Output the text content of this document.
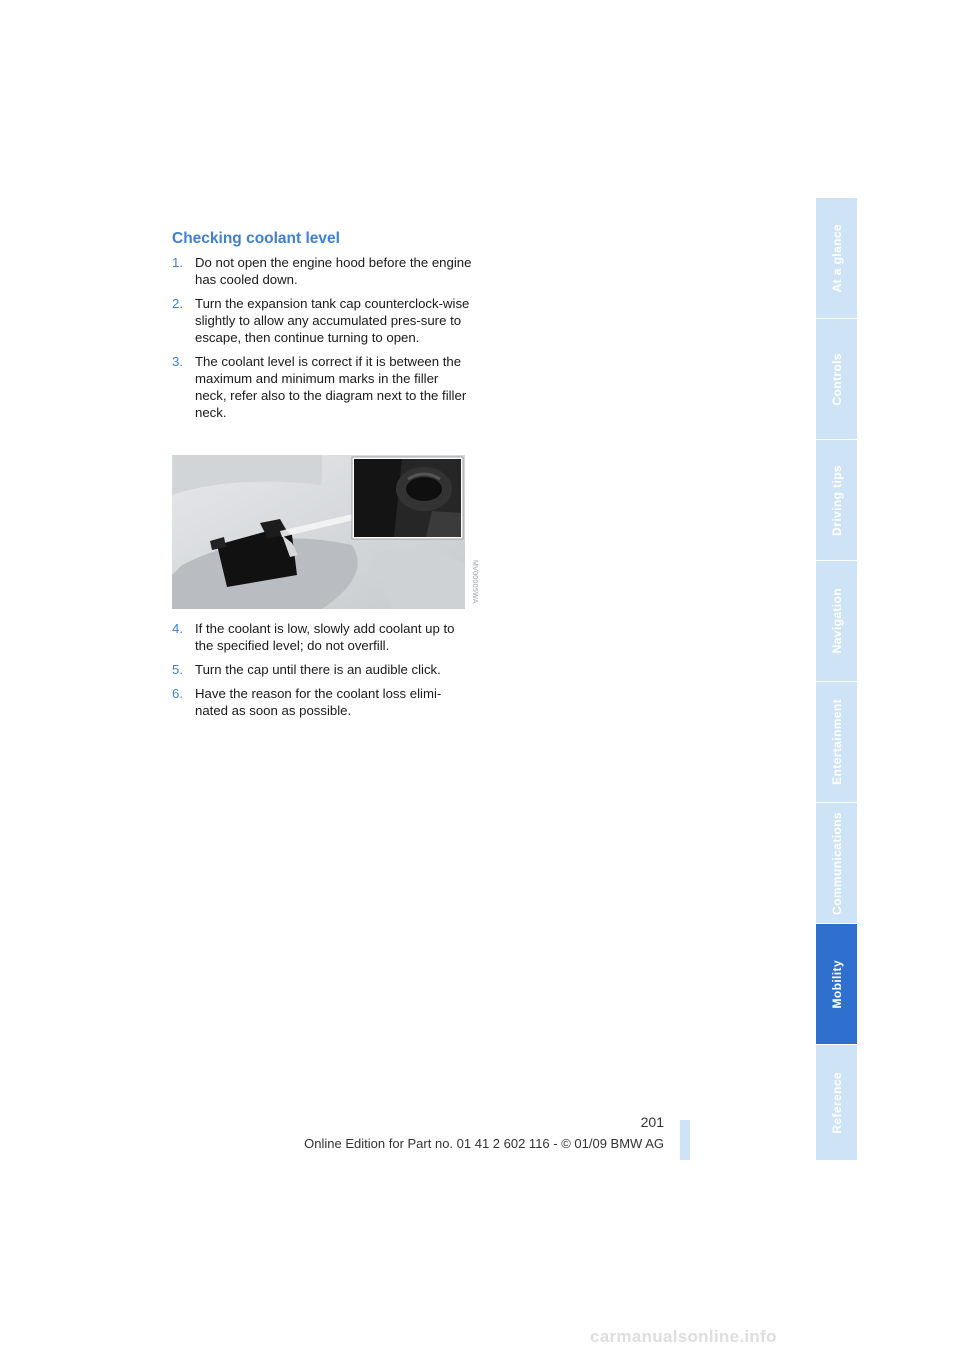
Checking coolant level
1. Do not open the engine hood before the engine has cooled down.
2. Turn the expansion tank cap counterclock-wise slightly to allow any accumulated pres-sure to escape, then continue turning to open.
3. The coolant level is correct if it is between the maximum and minimum marks in the filler neck, refer also to the diagram next to the filler neck.
MV00005WA
4. If the coolant is low, slowly add coolant up to the specified level; do not overfill.
5. Turn the cap until there is an audible click.
6. Have the reason for the coolant loss elimi-nated as soon as possible.
At a glance
Controls
Driving tips
Navigation
Entertainment
Communications
Mobility
Reference
201
Online Edition for Part no. 01 41 2 602 116 - © 01/09 BMW AG
carmanualsonline.info
